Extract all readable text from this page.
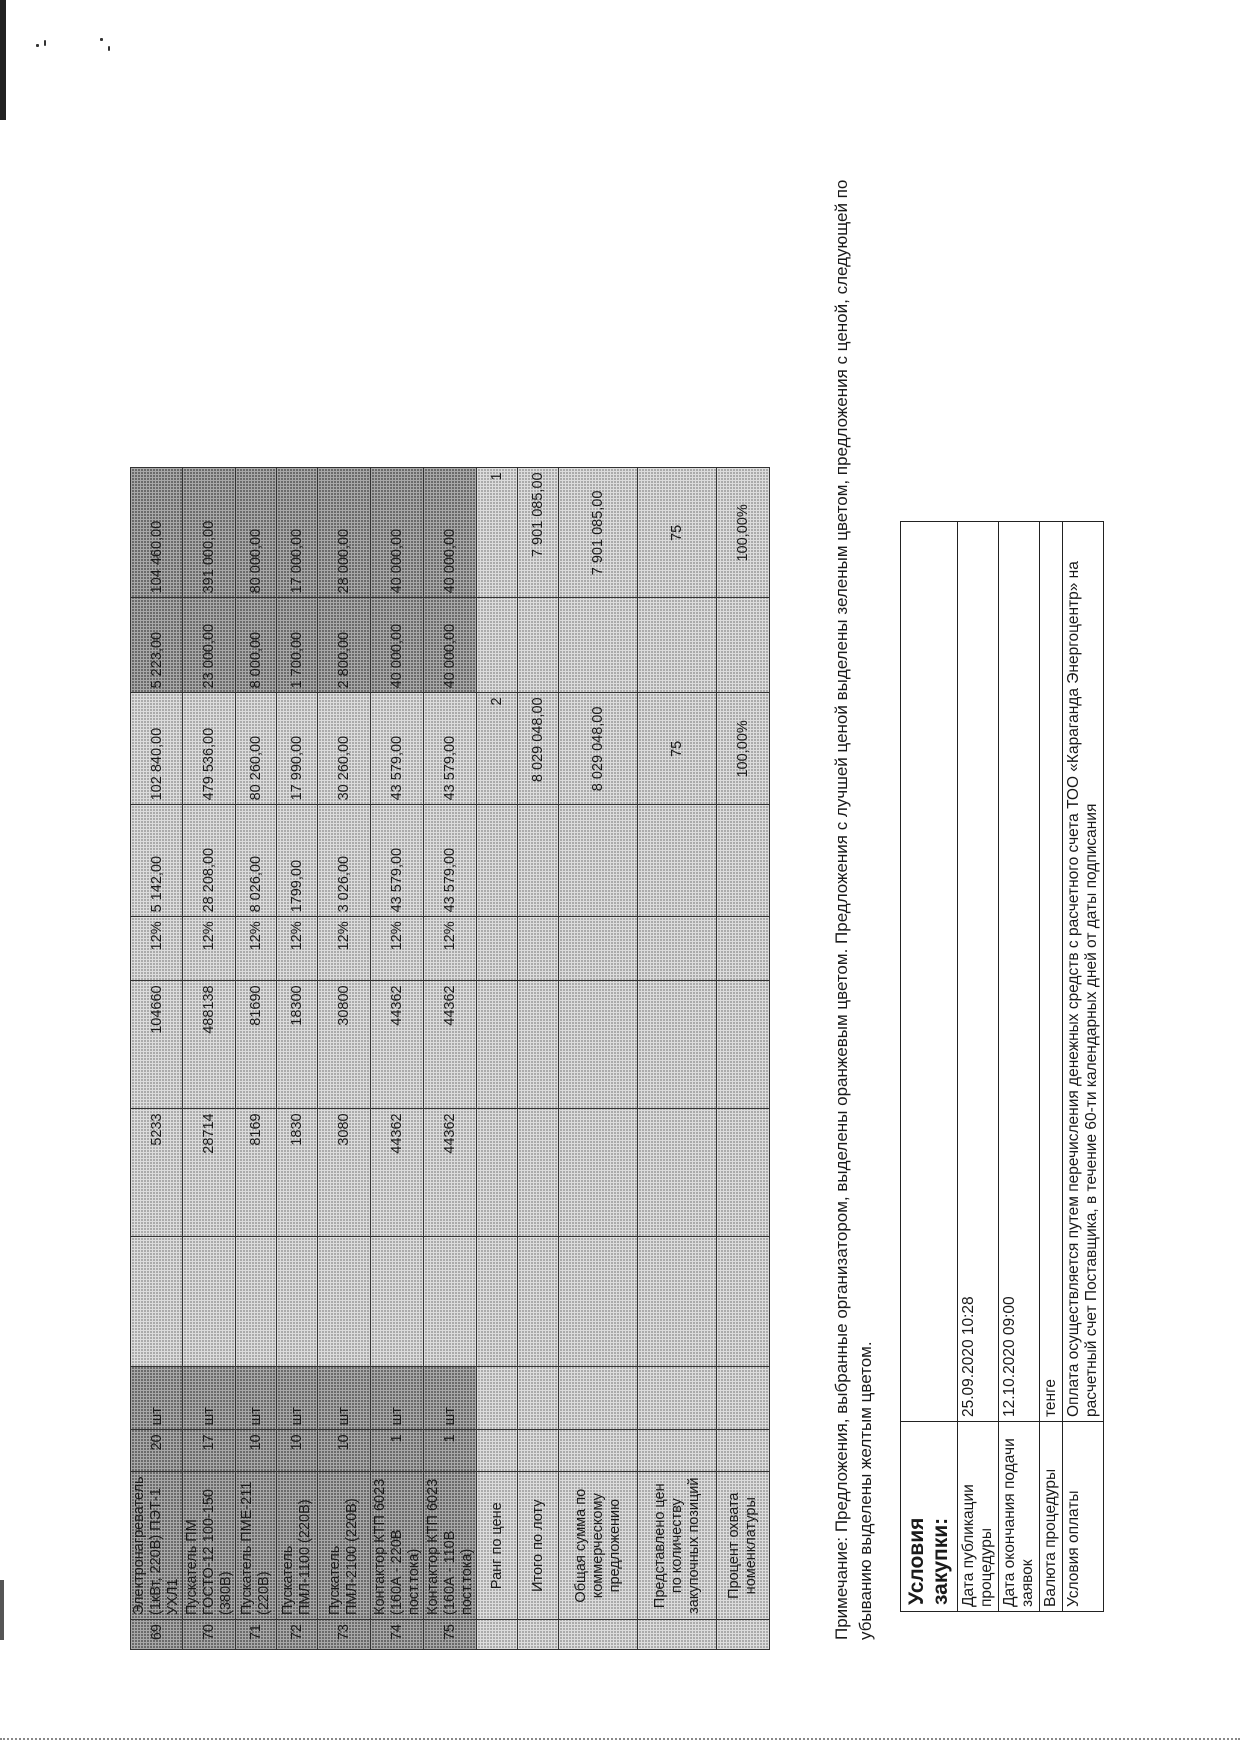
69	Электронагреватель (1кВт, 220В) ПЭТ-1 УХЛ1	20	шт		5233	104660	12%	5 142,00	102 840,00	5 223,00	104 460,00
70	Пускатель ПМ ГОСТО-12 100-150 (380В)	17	шт		28714	488138	12%	28 208,00	479 536,00	23 000,00	391 000,00
71	Пускатель ПМЕ-211 (220В)	10	шт		8169	81690	12%	8 026,00	80 260,00	8 000,00	80 000,00
72	Пускатель ПМЛ-1100 (220В)	10	шт		1830	18300	12%	1799,00	17 990,00	1 700,00	17 000,00
73	Пускатель ПМЛ-2100 (220В)	10	шт		3080	30800	12%	3 026,00	30 260,00	2 800,00	28 000,00
74	Контактор КТП 6023 (160А - 220В пост.тока)	1	шт		44362	44362	12%	43 579,00	43 579,00	40 000,00	40 000,00
75	Контактор КТП 6023 (160А - 110В пост.тока)	1	шт		44362	44362	12%	43 579,00	43 579,00	40 000,00	40 000,00
	Ранг по цене								2		1
	Итого по лоту								8 029 048,00		7 901 085,00
	Общая сумма по коммерческому предложению								8 029 048,00		7 901 085,00
	Представлено цен по количеству закупочных позиций								75		75
	Процент охвата номенклатуры								100,00%		100,00%	Примечание: Предложения, выбранные организатором, выделены оранжевым цветом. Предложения с лучшей ценой выделены зеленым цветом, предложения с ценой, следующей по убыванию выделены желтым цветом. Условия закупки:	
Дата публикации процедуры	25.09.2020 10:28
Дата окончания подачи заявок	12.10.2020 09:00
Валюта процедуры	тенге
Условия оплаты	Оплата осуществляется путем перечисления денежных средств с расчетного счета ТОО «Караганда Энергоцентр» на расчетный счет Поставщика, в течение 60-ти календарных дней от даты подписания
